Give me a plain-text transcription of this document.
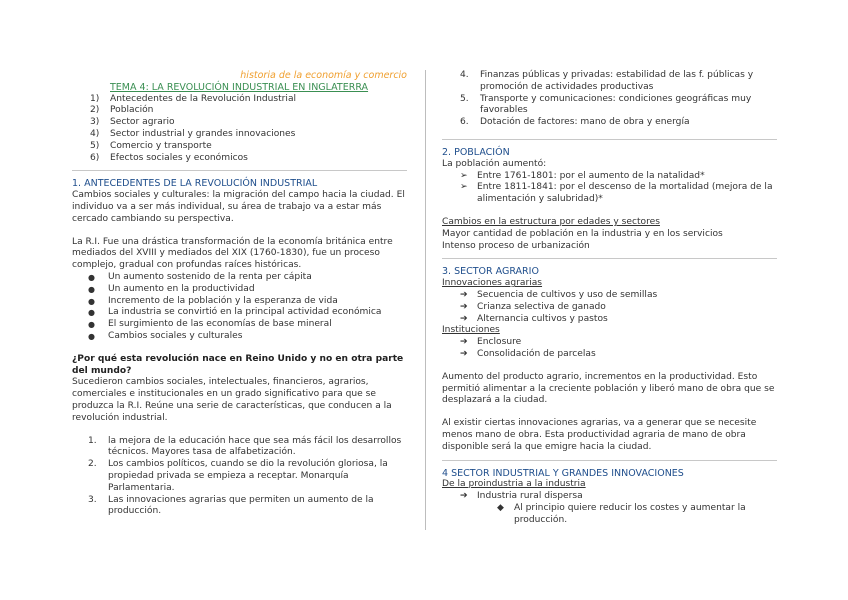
historia de la economía y comercio

TEMA 4: LA REVOLUCIÓN INDUSTRIAL EN INGLATERRA

1)	Antecedentes de la Revolución Industrial
2)	Población
3)	Sector agrario
4)	Sector industrial y grandes innovaciones
5)	Comercio y transporte
6)	Efectos sociales y económicos

1. ANTECEDENTES DE LA REVOLUCIÓN INDUSTRIAL

Cambios sociales y culturales: la migración del campo hacia la ciudad. El individuo va a ser más individual, su área de trabajo va a estar más cercado cambiando su perspectiva.

La R.I. Fue una drástica transformación de la economía británica entre mediados del XVIII y mediados del XIX (1760-1830), fue un proceso complejo, gradual con profundas raíces históricas.

●	Un aumento sostenido de la renta per cápita
●	Un aumento en la productividad
●	Incremento de la población y la esperanza de vida
●	La industria se convirtió en la principal actividad económica
●	El surgimiento de las economías de base mineral
●	Cambios sociales y culturales

¿Por qué esta revolución nace en Reino Unido y no en otra parte del mundo?

Sucedieron cambios sociales, intelectuales, financieros, agrarios, comerciales e institucionales en un grado significativo para que se produzca la R.I. Reúne una serie de características, que conducen a la revolución industrial.

1.	la mejora de la educación hace que sea más fácil los desarrollos técnicos. Mayores tasa de alfabetización.
2.	Los cambios políticos, cuando se dio la revolución gloriosa, la propiedad privada se empieza a receptar. Monarquía Parlamentaria.
3.	Las innovaciones agrarias que permiten un aumento de la producción.
4.	Finanzas públicas y privadas: estabilidad de las f. públicas y promoción de actividades productivas
5.	Transporte y comunicaciones: condiciones geográficas muy favorables
6.	Dotación de factores: mano de obra y energía

2. POBLACIÓN

La población aumentó:

➢	Entre 1761-1801: por el aumento de la natalidad*
➢	Entre 1811-1841: por el descenso de la mortalidad (mejora de la alimentación y salubridad)*

Cambios en la estructura por edades y sectores

Mayor cantidad de población en la industria y en los servicios

Intenso proceso de urbanización

3. SECTOR AGRARIO

Innovaciones agrarias

➔	Secuencia de cultivos y uso de semillas
➔	Crianza selectiva de ganado
➔	Alternancia cultivos y pastos

Instituciones

➔	Enclosure
➔	Consolidación de parcelas

Aumento del producto agrario, incrementos en la productividad. Esto permitió alimentar a la creciente población y liberó mano de obra que se desplazará a la ciudad.

Al existir ciertas innovaciones agrarias, va a generar que se necesite menos mano de obra. Esta productividad agraria de mano de obra disponible será la que emigre hacia la ciudad.

4 SECTOR INDUSTRIAL Y GRANDES INNOVACIONES

De la proindustria a la industria

➔	Industria rural dispersa
◆	Al principio quiere reducir los costes y aumentar la producción.
